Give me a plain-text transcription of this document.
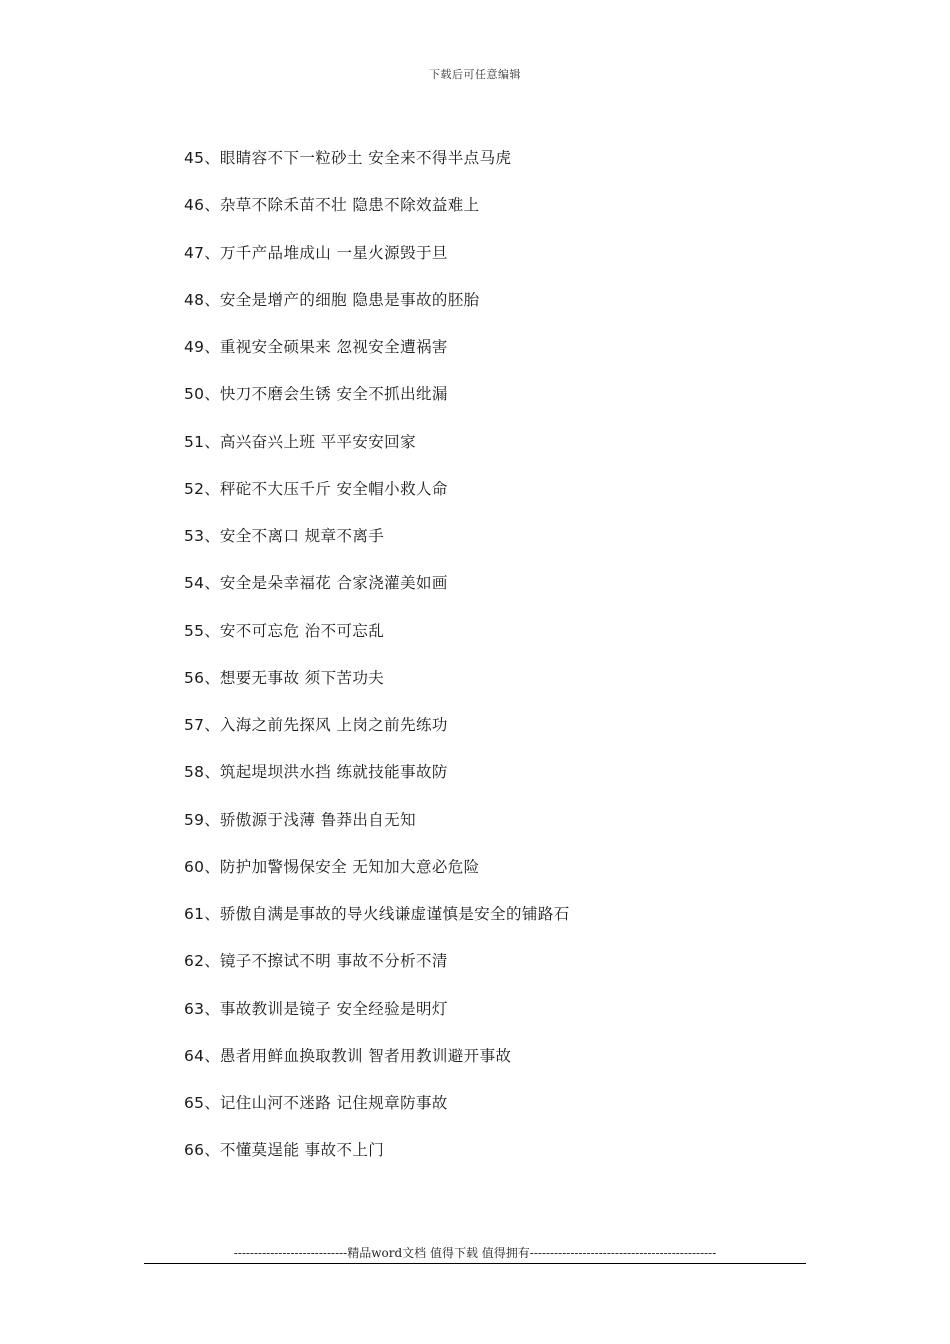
下载后可任意编辑
45、眼睛容不下一粒砂土 安全来不得半点马虎
46、杂草不除禾苗不壮 隐患不除效益难上
47、万千产品堆成山 一星火源毁于旦
48、安全是增产的细胞 隐患是事故的胚胎
49、重视安全硕果来 忽视安全遭祸害
50、快刀不磨会生锈 安全不抓出纰漏
51、高兴奋兴上班 平平安安回家
52、秤砣不大压千斤 安全帽小救人命
53、安全不离口 规章不离手
54、安全是朵幸福花 合家浇灌美如画
55、安不可忘危 治不可忘乱
56、想要无事故 须下苦功夫
57、入海之前先探风 上岗之前先练功
58、筑起堤坝洪水挡 练就技能事故防
59、骄傲源于浅薄 鲁莽出自无知
60、防护加警惕保安全 无知加大意必危险
61、骄傲自满是事故的导火线谦虚谨慎是安全的铺路石
62、镜子不擦试不明 事故不分析不清
63、事故教训是镜子 安全经验是明灯
64、愚者用鲜血换取教训 智者用教训避开事故
65、记住山河不迷路 记住规章防事故
66、不懂莫逞能 事故不上门
----------------------------精品word文档 值得下载 值得拥有----------------------------------------------
